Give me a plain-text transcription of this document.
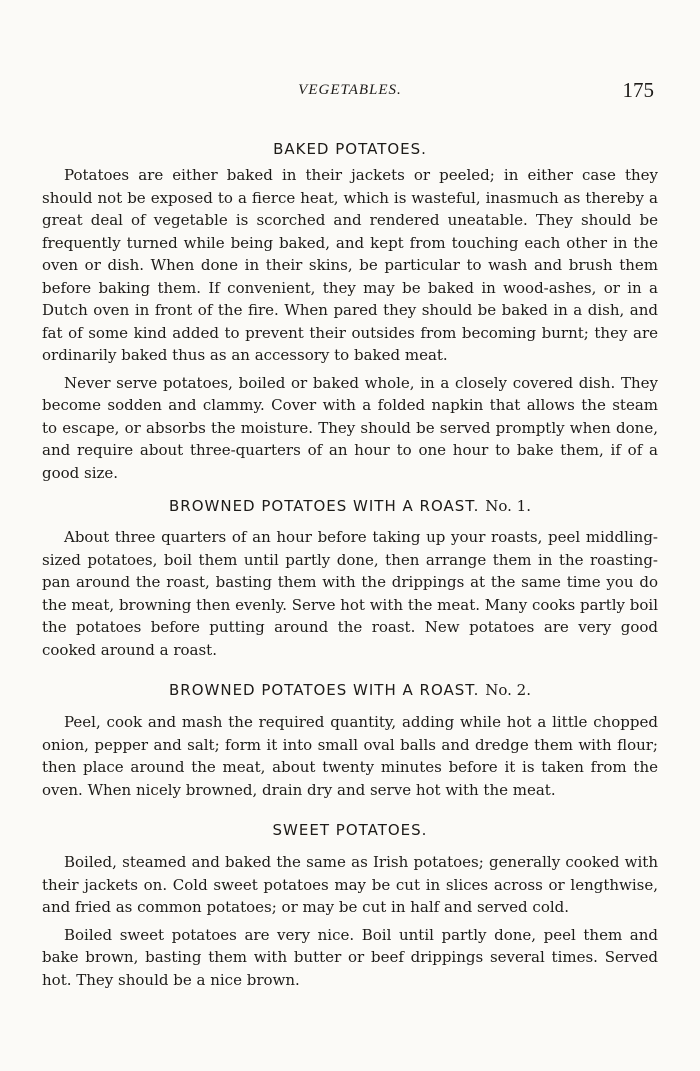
VEGETABLES.	175
BAKED POTATOES.

Potatoes are either baked in their jackets or peeled; in either case they should not be exposed to a fierce heat, which is wasteful, inasmuch as thereby a great deal of vegetable is scorched and rendered uneatable. They should be frequently turned while being baked, and kept from touching each other in the oven or dish. When done in their skins, be particular to wash and brush them before baking them. If convenient, they may be baked in wood-ashes, or in a Dutch oven in front of the fire. When pared they should be baked in a dish, and fat of some kind added to prevent their outsides from becoming burnt; they are ordinarily baked thus as an accessory to baked meat.

Never serve potatoes, boiled or baked whole, in a closely covered dish. They become sodden and clammy. Cover with a folded napkin that allows the steam to escape, or absorbs the moisture. They should be served promptly when done, and require about three-quarters of an hour to one hour to bake them, if of a good size.

BROWNED POTATOES WITH A ROAST. No. 1.

About three quarters of an hour before taking up your roasts, peel middling-sized potatoes, boil them until partly done, then arrange them in the roasting-pan around the roast, basting them with the drippings at the same time you do the meat, browning then evenly. Serve hot with the meat. Many cooks partly boil the potatoes before putting around the roast. New potatoes are very good cooked around a roast.

BROWNED POTATOES WITH A ROAST. No. 2.

Peel, cook and mash the required quantity, adding while hot a little chopped onion, pepper and salt; form it into small oval balls and dredge them with flour; then place around the meat, about twenty minutes before it is taken from the oven. When nicely browned, drain dry and serve hot with the meat.

SWEET POTATOES.

Boiled, steamed and baked the same as Irish potatoes; generally cooked with their jackets on. Cold sweet potatoes may be cut in slices across or lengthwise, and fried as common potatoes; or may be cut in half and served cold.

Boiled sweet potatoes are very nice. Boil until partly done, peel them and bake brown, basting them with butter or beef drippings several times. Served hot. They should be a nice brown.
